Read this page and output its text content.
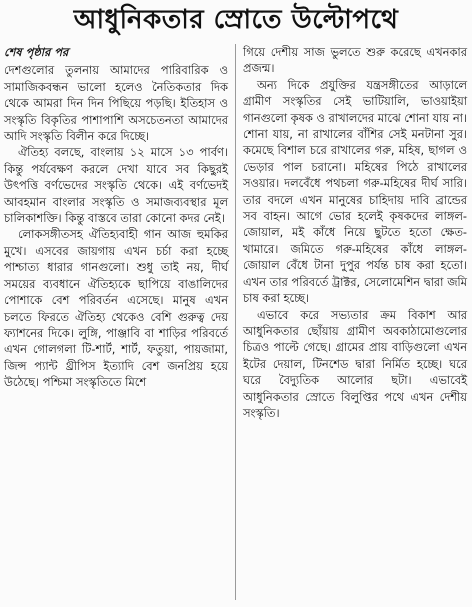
আধুনিকতার স্রোতে উল্টোপথে
শেষ পৃষ্ঠার পর

দেশগুলোর তুলনায় আমাদের পারিবারিক ও সামাজিকবন্ধন ভালো হলেও নৈতিকতার দিক থেকে আমরা দিন দিন পিছিয়ে পড়ছি। ইতিহাস ও সংস্কৃতি বিকৃতির পাশাপাশি অসচেতনতা আমাদের আদি সংস্কৃতি বিলীন করে দিচ্ছে।

ঐতিহ্য বলছে, বাংলায় ১২ মাসে ১৩ পার্বণ। কিন্তু পর্যবেক্ষণ করলে দেখা যাবে সব কিছুরই উৎপত্তি বর্ণভেদের সংস্কৃতি থেকে। এই বর্ণভেদই আবহমান বাংলার সংস্কৃতি ও সমাজব্যবস্থার মূল চালিকাশক্তি। কিন্তু বাস্তবে তারা কোনো কদর নেই।

লোকসঙ্গীতসহ ঐতিহ্যবাহী গান আজ হুমকির মুখে। এসবের জায়গায় এখন চর্চা করা হচ্ছে পাশ্চাত্য ধারার গানগুলো। শুধু তাই নয়, দীর্ঘ সময়ের ব্যবধানে ঐতিহ্যকে ছাপিয়ে বাঙালিদের পোশাকে বেশ পরিবর্তন এসেছে। মানুষ এখন চলতে ফিরতে ঐতিহ্য থেকেও বেশি গুরুত্ব দেয় ফ্যাশনের দিকে। লুঙ্গি, পাঞ্জাবি বা শাড়ির পরিবর্তে এখন গোলগলা টি-শার্ট, শার্ট, ফতুয়া, পায়জামা, জিন্স প্যান্ট থ্রীপিস ইত্যাদি বেশ জনপ্রিয় হয়ে উঠেছে। পশ্চিমা সংস্কৃতিতে মিশে

গিয়ে দেশীয় সাজ ভুলতে শুরু করেছে এখনকার প্রজন্ম।

অন্য দিকে প্রযুক্তির যন্ত্রসঙ্গীতের আড়ালে গ্রামীণ সংস্কৃতির সেই ভাটিয়ালি, ভাওয়াইয়া গানগুলো কৃষক ও রাখালদের মাঝে শোনা যায় না। শোনা যায়, না রাখালের বাঁশির সেই মনটানা সুর। কমেছে বিশাল চরে রাখালের গরু, মহিষ, ছাগল ও ভেড়ার পাল চরানো। মহিষের পিঠে রাখালের সওয়ার। দলবেঁধে পথচলা গরু-মহিষের দীর্ঘ সারি। তার বদলে এখন মানুষের চাহিদায় দাবি ব্রান্ডের সব বাহন। আগে ভোর হলেই কৃষকদের লাঙ্গল-জোয়াল, মই কাঁধে নিয়ে ছুটতে হতো ক্ষেত-খামারে। জমিতে গরু-মহিষের কাঁধে লাঙ্গল-জোয়াল বেঁধে টানা দুপুর পর্যন্ত চাষ করা হতো। এখন তার পরিবর্তে ট্রাক্টর, সেলোমেশিন দ্বারা জমি চাষ করা হচ্ছে।

এভাবে করে সভ্যতার ক্রম বিকাশ আর আধুনিকতার ছোঁয়ায় গ্রামীণ অবকাঠামোগুলোর চিত্রও পাল্টে গেছে। গ্রামের প্রায় বাড়িগুলো এখন ইটের দেয়াল, টিনশেড দ্বারা নির্মিত হচ্ছে। ঘরে ঘরে বৈদ্যুতিক আলোর ছটা। এভাবেই আধুনিকতার স্রোতে বিলুপ্তির পথে এখন দেশীয় সংস্কৃতি।
